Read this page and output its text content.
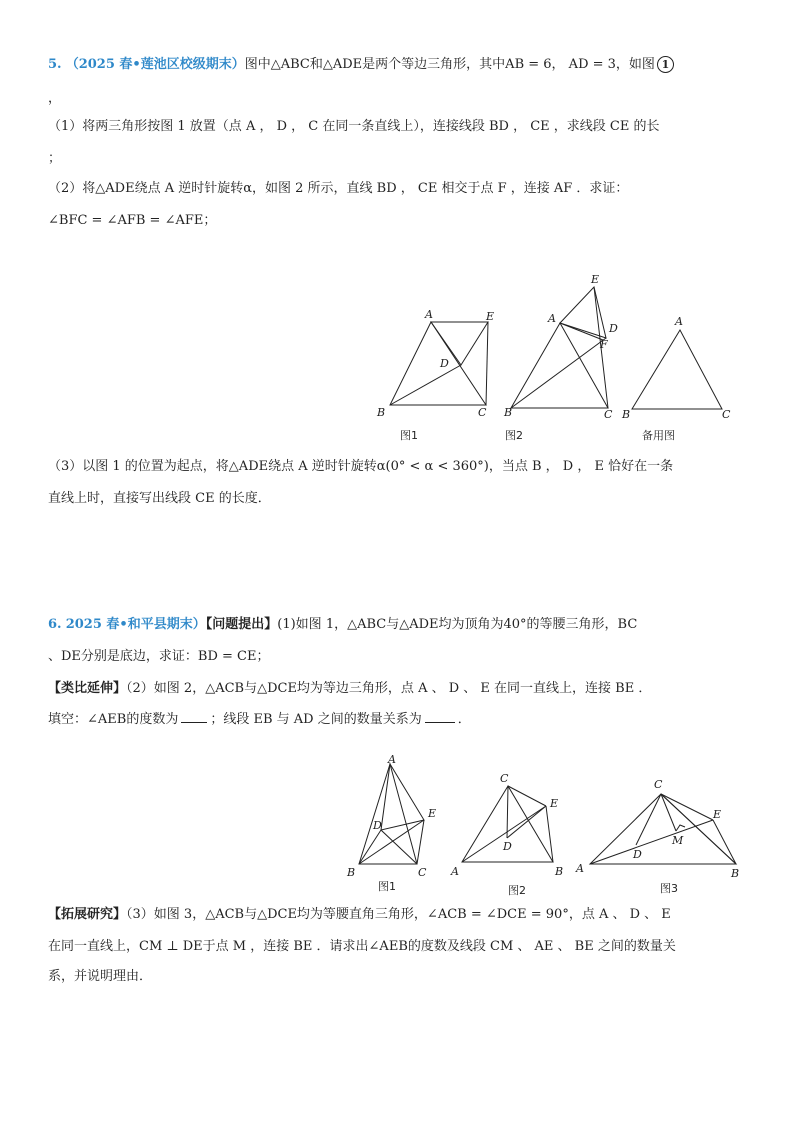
5. （2025 春•莲池区校级期末）图中△ABC和△ADE是两个等边三角形，其中AB = 6， AD = 3，如图 1
，
（1）将两三角形按图 1 放置（点 A ， D ， C 在同一条直线上），连接线段 BD ， CE ，求线段 CE 的长
；
（2）将△ADE绕点 A 逆时针旋转α，如图 2 所示，直线 BD ， CE 相交于点 F ，连接 AF ．求证：
∠BFC = ∠AFB = ∠AFE；
A	E
D
B	C
图1
E
A
D
F
B	C
图2
A
B	C
备用图
（3）以图 1 的位置为起点，将△ADE绕点 A 逆时针旋转α(0° < α < 360°)，当点 B ， D ， E 恰好在一条
直线上时，直接写出线段 CE 的长度．
6. 2025 春•和平县期末）【问题提出】(1)如图 1，△ABC与△ADE均为顶角为40°的等腰三角形，BC
、DE分别是底边，求证：BD = CE；
【类比延伸】（2）如图 2，△ACB与△DCE均为等边三角形，点 A 、 D 、 E 在同一直线上，连接 BE ．
填空：∠AEB的度数为 ；线段 EB 与 AD 之间的数量关系为	．
A
E
D
B	C
图1
C
E
D
A	B
图2
C
E
M
D
A	B
图3
【拓展研究】（3）如图 3，△ACB与△DCE均为等腰直角三角形，∠ACB = ∠DCE = 90°，点 A 、 D 、 E
在同一直线上，CM ⊥ DE于点 M ，连接 BE ．请求出∠AEB的度数及线段 CM 、 AE 、 BE 之间的数量关
系，并说明理由．
